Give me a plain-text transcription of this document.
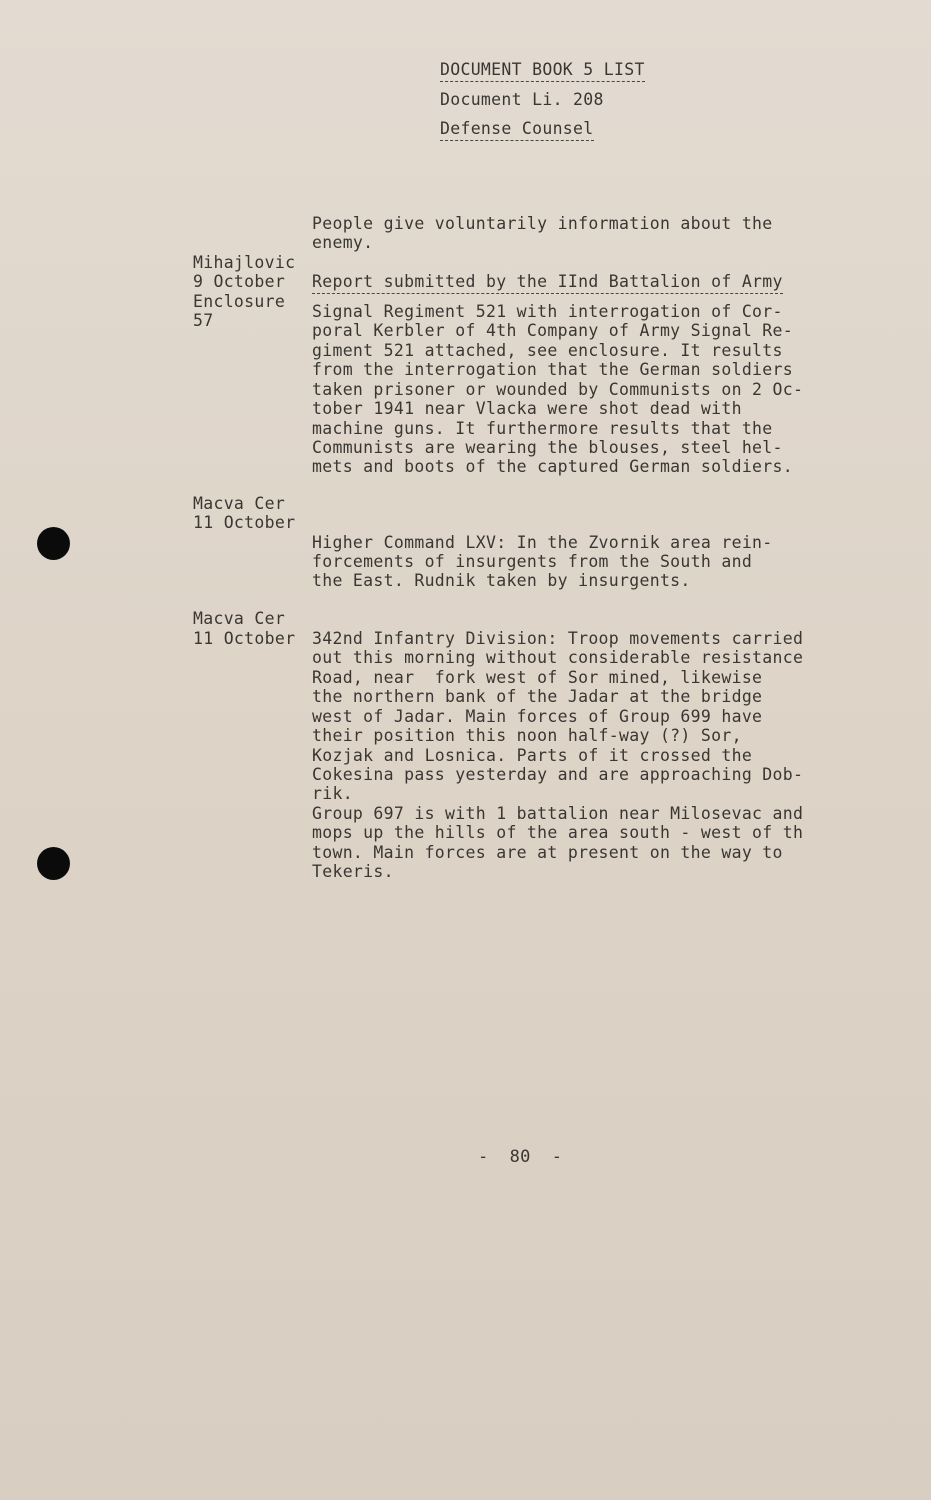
DOCUMENT BOOK 5 LIST
Document Li. 208
Defense Counsel
People give voluntarily information about the
enemy.
Mihajlovic
9 October
Enclosure
57
Report submitted by the IInd Battalion of Army
Signal Regiment 521 with interrogation of Cor-
poral Kerbler of 4th Company of Army Signal Re-
giment 521 attached, see enclosure. It results
from the interrogation that the German soldiers
taken prisoner or wounded by Communists on 2 Oc-
tober 1941 near Vlacka were shot dead with
machine guns. It furthermore results that the
Communists are wearing the blouses, steel hel-
mets and boots of the captured German soldiers.
Macva Cer
11 October
Higher Command LXV: In the Zvornik area rein-
forcements of insurgents from the South and
the East. Rudnik taken by insurgents.
Macva Cer
11 October 342nd Infantry Division: Troop movements carried
out this morning without considerable resistance
Road, near  fork west of Sor mined, likewise
the northern bank of the Jadar at the bridge
west of Jadar. Main forces of Group 699 have
their position this noon half-way (?) Sor,
Kozjak and Losnica. Parts of it crossed the
Cokesina pass yesterday and are approaching Dob-
rik.
Group 697 is with 1 battalion near Milosevac and
mops up the hills of the area south - west of th
town. Main forces are at present on the way to
Tekeris.
-  80  -
